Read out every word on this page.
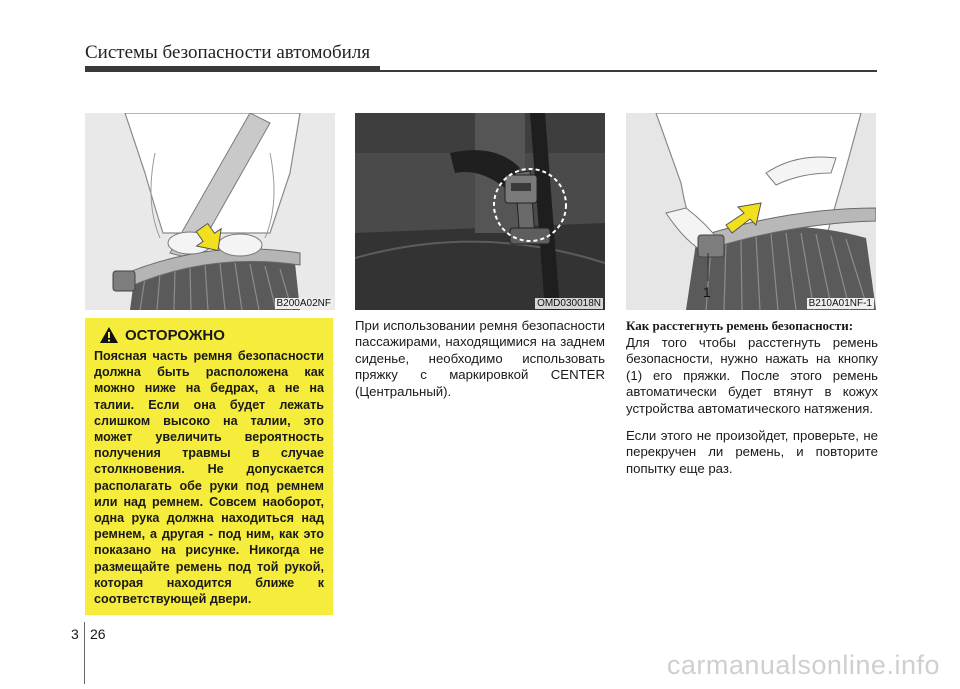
Системы безопасности автомобиля
B200A02NF	OMD030018N
1
B210A01NF-1
ОСТОРОЖНО

Поясная часть ремня безопасности должна быть расположена как можно ниже на бедрах, а не на талии. Если она будет лежать слишком высоко на талии, это может увеличить вероятность получения травмы в случае столкновения. Не допускается располагать обе руки под ремнем или над ремнем. Совсем наоборот, одна рука должна находиться над ремнем, а другая - под ним, как это показано на рисунке. Никогда не размещайте ремень под той рукой, которая находится ближе к соответствующей двери.

При использовании ремня безопасности пассажирами, находящимися на заднем сиденье, необходимо использовать пряжку с маркировкой CENTER (Центральный).

Как расстегнуть ремень безопасности:

Для того чтобы расстегнуть ремень безопасности, нужно нажать на кнопку (1) его пряжки. После этого ремень автоматически будет втянут в кожух устройства автоматического натяжения.

Если этого не произойдет, проверьте, не перекручен ли ремень, и повторите попытку еще раз.

3 26
carmanualsonline.info
